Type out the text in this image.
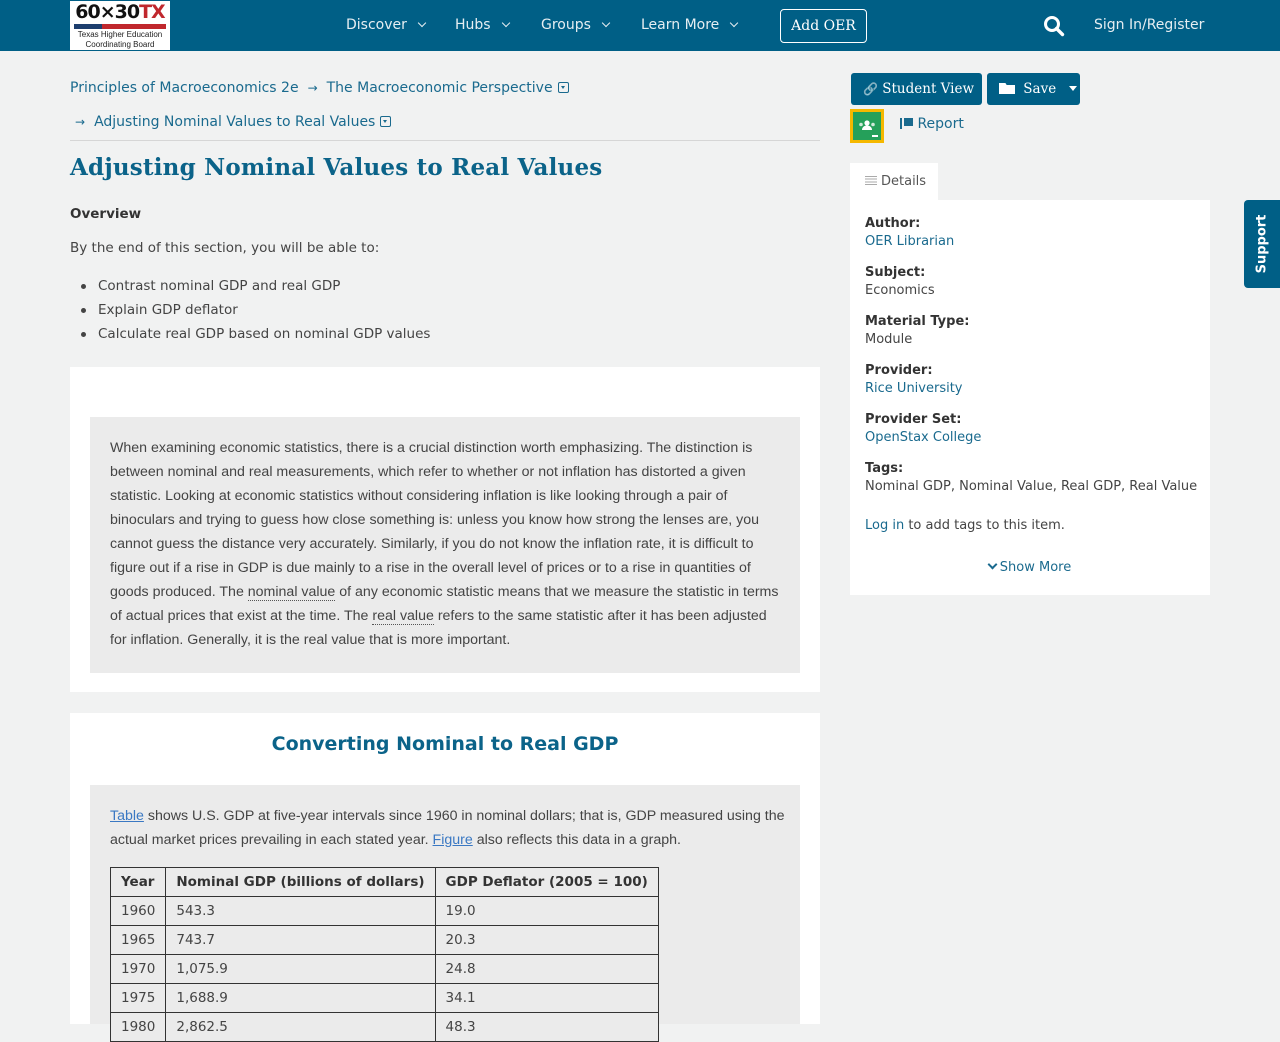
60×30TX
Texas Higher Education
Coordinating Board
Discover	Hubs	Groups	Learn More	Add OER	Sign In/Register
Principles of Macroeconomics 2e → The Macroeconomic Perspective
→ Adjusting Nominal Values to Real Values
Adjusting Nominal Values to Real Values
Overview
By the end of this section, you will be able to:
Contrast nominal GDP and real GDP
Explain GDP deflator
Calculate real GDP based on nominal GDP values

When examining economic statistics, there is a crucial distinction worth emphasizing. The distinction is between nominal and real measurements, which refer to whether or not inflation has distorted a given statistic. Looking at economic statistics without considering inflation is like looking through a pair of binoculars and trying to guess how close something is: unless you know how strong the lenses are, you cannot guess the distance very accurately. Similarly, if you do not know the inflation rate, it is difficult to figure out if a rise in GDP is due mainly to a rise in the overall level of prices or to a rise in quantities of goods produced. The nominal value of any economic statistic means that we measure the statistic in terms of actual prices that exist at the time. The real value refers to the same statistic after it has been adjusted for inflation. Generally, it is the real value that is more important.

Converting Nominal to Real GDP

Table shows U.S. GDP at five-year intervals since 1960 in nominal dollars; that is, GDP measured using the actual market prices prevailing in each stated year. Figure also reflects this data in a graph.

Year	Nominal GDP (billions of dollars)	GDP Deflator (2005 = 100)
1960	543.3	19.0
1965	743.7	20.3
1970	1,075.9	24.8
1975	1,688.9	34.1
1980	2,862.5	48.3
🔗 Student View	Save
Report
Details
Author:
OER Librarian
Subject:
Economics
Material Type:
Module
Provider:
Rice University
Provider Set:
OpenStax College
Tags:
Nominal GDP, Nominal Value, Real GDP, Real Value
Log in to add tags to this item.
Show More
Support
